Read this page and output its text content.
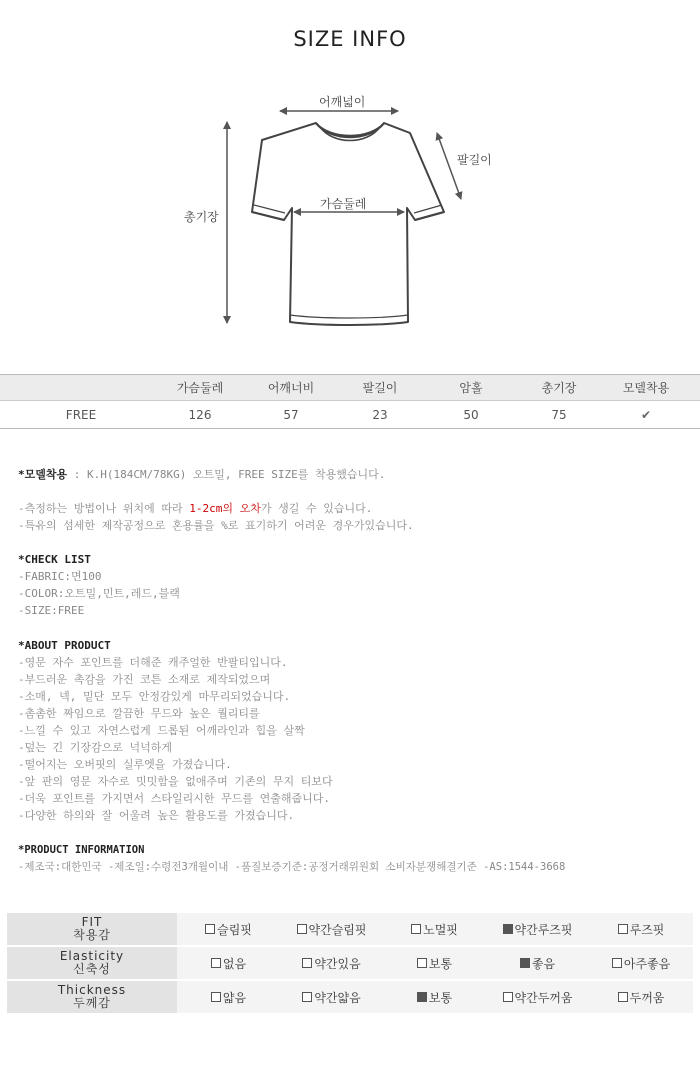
SIZE INFO
어깨넓이
팔길이
가슴둘레
총기장
	가슴둘레	어깨너비	팔길이	암홀	총기장	모델착용
FREE	126	57	23	50	75	✔
*모델착용 : K.H(184CM/78KG) 오트밀, FREE SIZE를 착용했습니다.
-측정하는 방법이나 위치에 따라 1-2cm의 오차가 생길 수 있습니다.
-특유의 섬세한 제작공정으로 혼용률을 %로 표기하기 어려운 경우가있습니다.
*CHECK LIST
-FABRIC:면100
-COLOR:오트밀,민트,레드,블랙
-SIZE:FREE
*ABOUT PRODUCT
-영문 자수 포인트를 더해준 캐주얼한 반팔티입니다.
-부드러운 촉감을 가진 코튼 소재로 제작되었으며
-소매, 넥, 밑단 모두 안정감있게 마무리되었습니다.
-촘촘한 짜임으로 깔끔한 무드와 높은 퀄리티를
-느낄 수 있고 자연스럽게 드롭된 어깨라인과 힙을 살짝
-덮는 긴 기장감으로 넉넉하게
-떨어지는 오버핏의 실루엣을 가졌습니다.
-앞 판의 영문 자수로 밋밋함을 없애주며 기존의 무지 티보다
-더욱 포인트를 가지면서 스타일리시한 무드를 연출해줍니다.
-다양한 하의와 잘 어울려 높은 활용도를 가졌습니다.
*PRODUCT INFORMATION
-제조국:대한민국 -제조일:수령전3개월이내 -품질보증기준:공정거래위원회 소비자분쟁해결기준 -AS:1544-3668
FIT
착용감	슬림핏	약간슬림핏	노멀핏	약간루즈핏	루즈핏

Elasticity
신축성	없음	약간있음	보통	좋음	아주좋음

Thickness
두께감	얇음	약간얇음	보통	약간두꺼움	두꺼움
